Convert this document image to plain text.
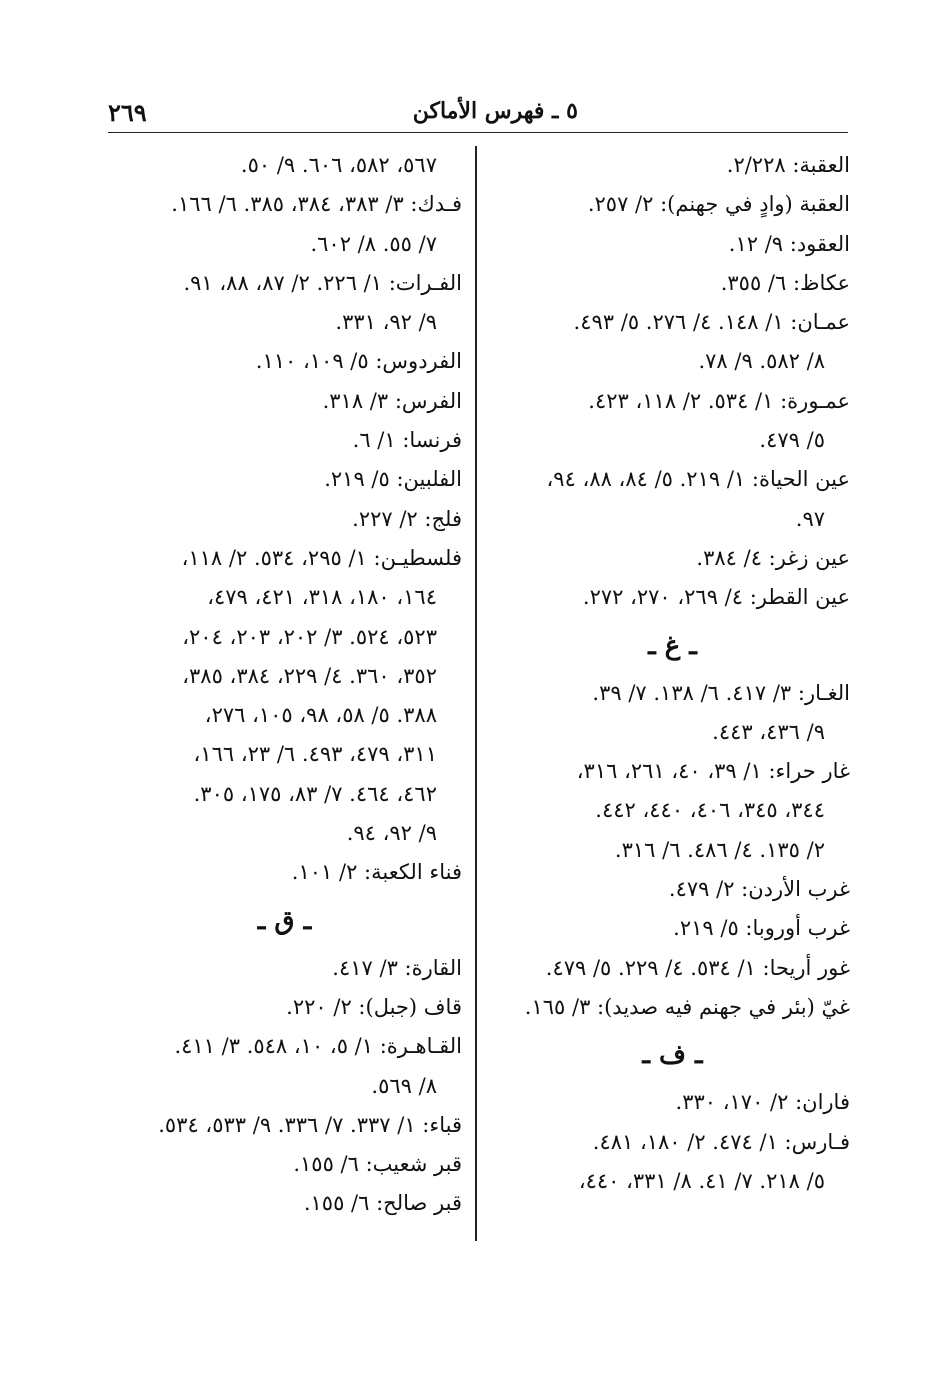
٥ ـ فهرس الأماكن
٢٦٩
العقبة: ٢/٢٢٨.
العقبة (وادٍ في جهنم): ٢/ ٢٥٧.
العقود: ٩/ ١٢.
عكاظ: ٦/ ٣٥٥.
عمـان: ١/ ١٤٨. ٤/ ٢٧٦. ٥/ ٤٩٣.
٨/ ٥٨٢. ٩/ ٧٨.
عمـورة: ١/ ٥٣٤. ٢/ ١١٨، ٤٢٣.
٥/ ٤٧٩.
عين الحياة: ١/ ٢١٩. ٥/ ٨٤، ٨٨، ٩٤،
٩٧.
عين زغر: ٤/ ٣٨٤.
عين القطر: ٤/ ٢٦٩، ٢٧٠، ٢٧٢.
ـ غ ـ
الغـار: ٣/ ٤١٧. ٦/ ١٣٨. ٧/ ٣٩.
٩/ ٤٣٦، ٤٤٣.
غار حراء: ١/ ٣٩، ٤٠، ٢٦١، ٣١٦،
٣٤٤، ٣٤٥، ٤٠٦، ٤٤٠، ٤٤٢.
٢/ ١٣٥. ٤/ ٤٨٦. ٦/ ٣١٦.
غرب الأردن: ٢/ ٤٧٩.
غرب أوروبا: ٥/ ٢١٩.
غور أريحا: ١/ ٥٣٤. ٤/ ٢٢٩. ٥/ ٤٧٩.
غيّ (بئر في جهنم فيه صديد): ٣/ ١٦٥.
ـ ف ـ
فاران: ٢/ ١٧٠، ٣٣٠.
فـارس: ١/ ٤٧٤. ٢/ ١٨٠، ٤٨١.
٥/ ٢١٨. ٧/ ٤١. ٨/ ٣٣١، ٤٤٠،
٥٦٧، ٥٨٢، ٦٠٦. ٩/ ٥٠.
فـدك: ٣/ ٣٨٣، ٣٨٤، ٣٨٥. ٦/ ١٦٦.
٧/ ٥٥. ٨/ ٦٠٢.
الفـرات: ١/ ٢٢٦. ٢/ ٨٧، ٨٨، ٩١.
٩/ ٩٢، ٣٣١.
الفردوس: ٥/ ١٠٩، ١١٠.
الفرس: ٣/ ٣١٨.
فرنسا: ١/ ٦.
الفلبين: ٥/ ٢١٩.
فلج: ٢/ ٢٢٧.
فلسطيـن: ١/ ٢٩٥، ٥٣٤. ٢/ ١١٨،
١٦٤، ١٨٠، ٣١٨، ٤٢١، ٤٧٩،
٥٢٣، ٥٢٤. ٣/ ٢٠٢، ٢٠٣، ٢٠٤،
٣٥٢، ٣٦٠. ٤/ ٢٢٩، ٣٨٤، ٣٨٥،
٣٨٨. ٥/ ٥٨، ٩٨، ١٠٥، ٢٧٦،
٣١١، ٤٧٩، ٤٩٣. ٦/ ٢٣، ١٦٦،
٤٦٢، ٤٦٤. ٧/ ٨٣، ١٧٥، ٣٠٥.
٩/ ٩٢، ٩٤.
فناء الكعبة: ٢/ ١٠١.
ـ ق ـ
القارة: ٣/ ٤١٧.
قاف (جبل): ٢/ ٢٢٠.
القـاهـرة: ١/ ٥، ١٠، ٥٤٨. ٣/ ٤١١.
٨/ ٥٦٩.
قباء: ١/ ٣٣٧. ٧/ ٣٣٦. ٩/ ٥٣٣، ٥٣٤.
قبر شعيب: ٦/ ١٥٥.
قبر صالح: ٦/ ١٥٥.
